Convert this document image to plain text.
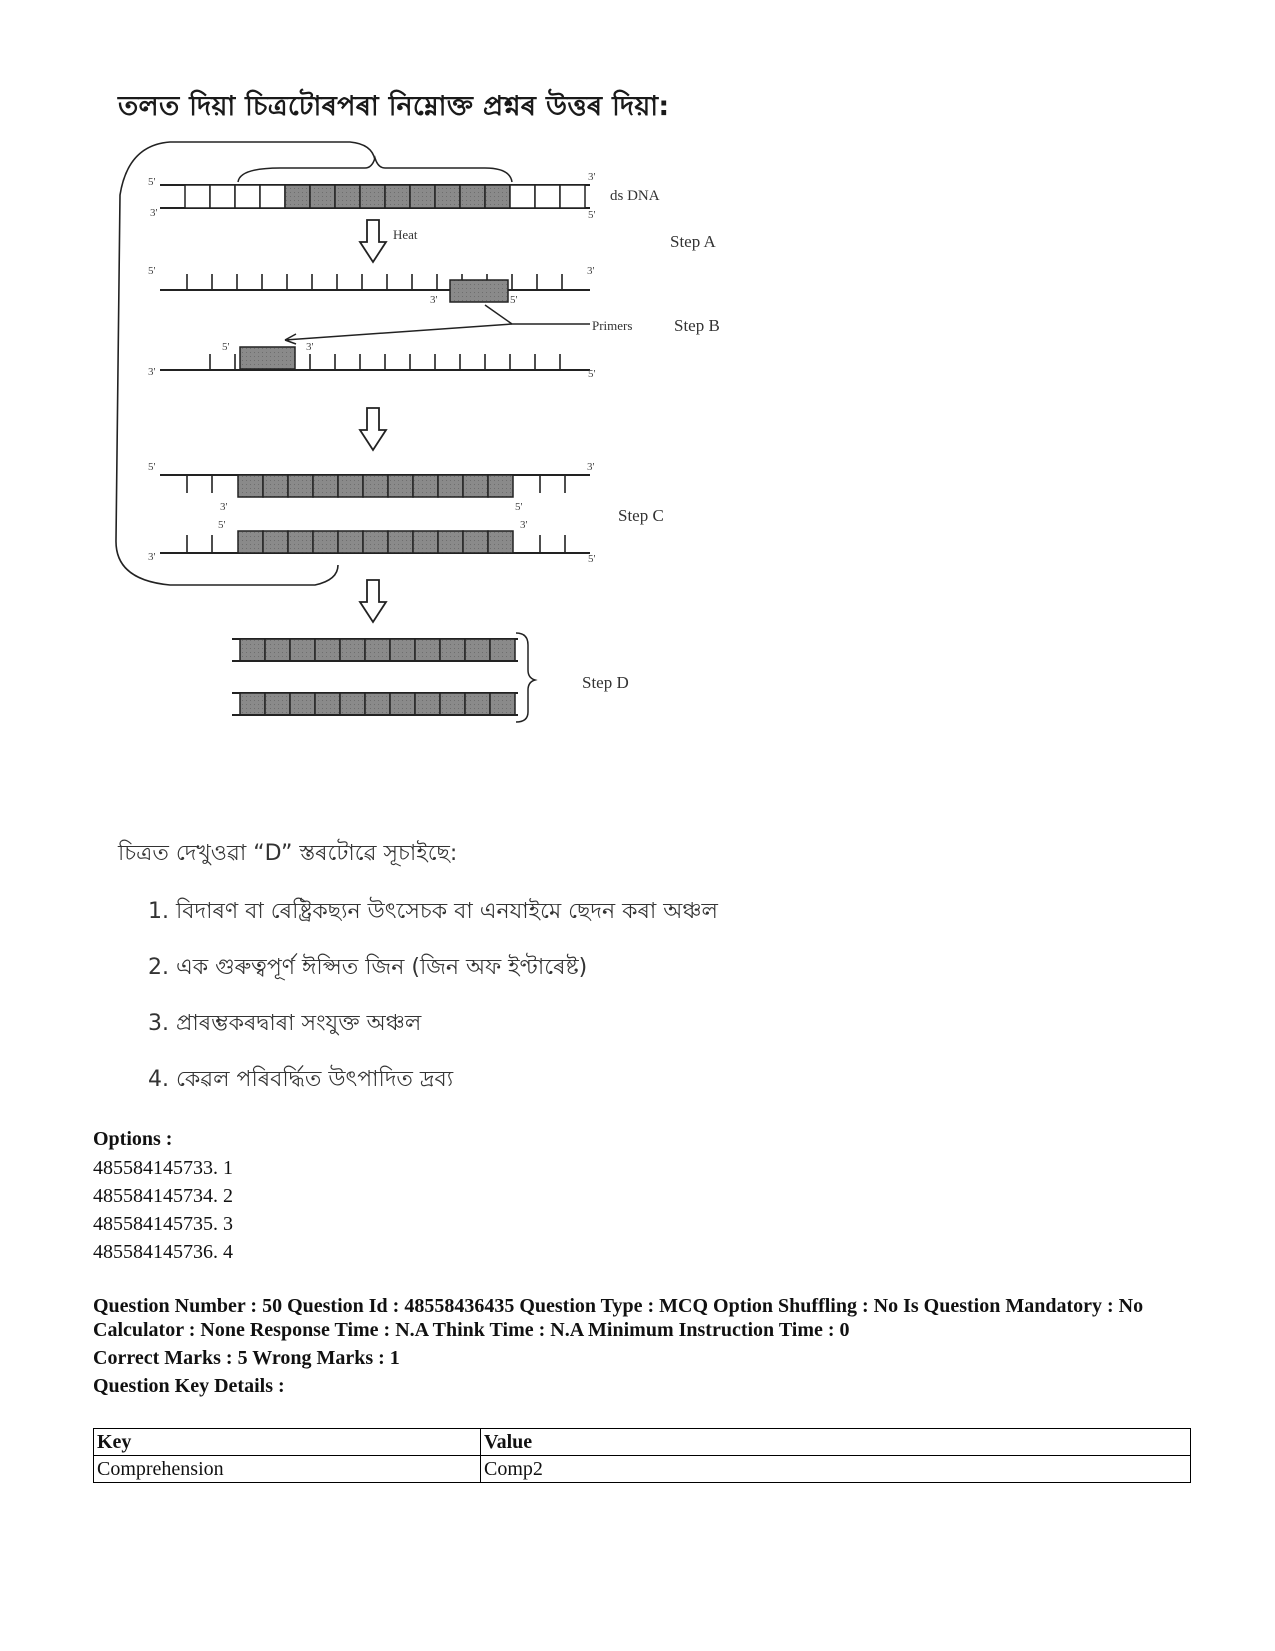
তলত দিয়া চিত্ৰটোৰপৰা নিম্নোক্ত প্ৰশ্নৰ উত্তৰ দিয়া:
ds DNA
Heat	Step A
Primers Step B
Step C
Step D
5'
3'
3'
5'
5'	3'
3'	5'
3'	5'
5'	3'
5'	3'
3'	5'
3'	5'
5'	3'
চিত্ৰত দেখুওৱা “D” স্তৰটোৱে সূচাইছে:
1. বিদাৰণ বা ৰেষ্ট্ৰিকছ্যন উৎসেচক বা এনযাইমে ছেদন কৰা অঞ্চল
2. এক গুৰুত্বপূৰ্ণ ঈপ্সিত জিন (জিন অফ ইণ্টাৰেষ্ট)
3. প্ৰাৰম্ভকৰদ্বাৰা সংযুক্ত অঞ্চল
4. কেৱল পৰিবৰ্দ্ধিত উৎপাদিত দ্ৰব্য
Options :
485584145733. 1
485584145734. 2
485584145735. 3
485584145736. 4
Question Number : 50 Question Id : 48558436435 Question Type : MCQ Option Shuffling : No Is Question Mandatory : No Calculator : None Response Time : N.A Think Time : N.A Minimum Instruction Time : 0
Correct Marks : 5 Wrong Marks : 1
Question Key Details :
Key	Value
Comprehension	Comp2
